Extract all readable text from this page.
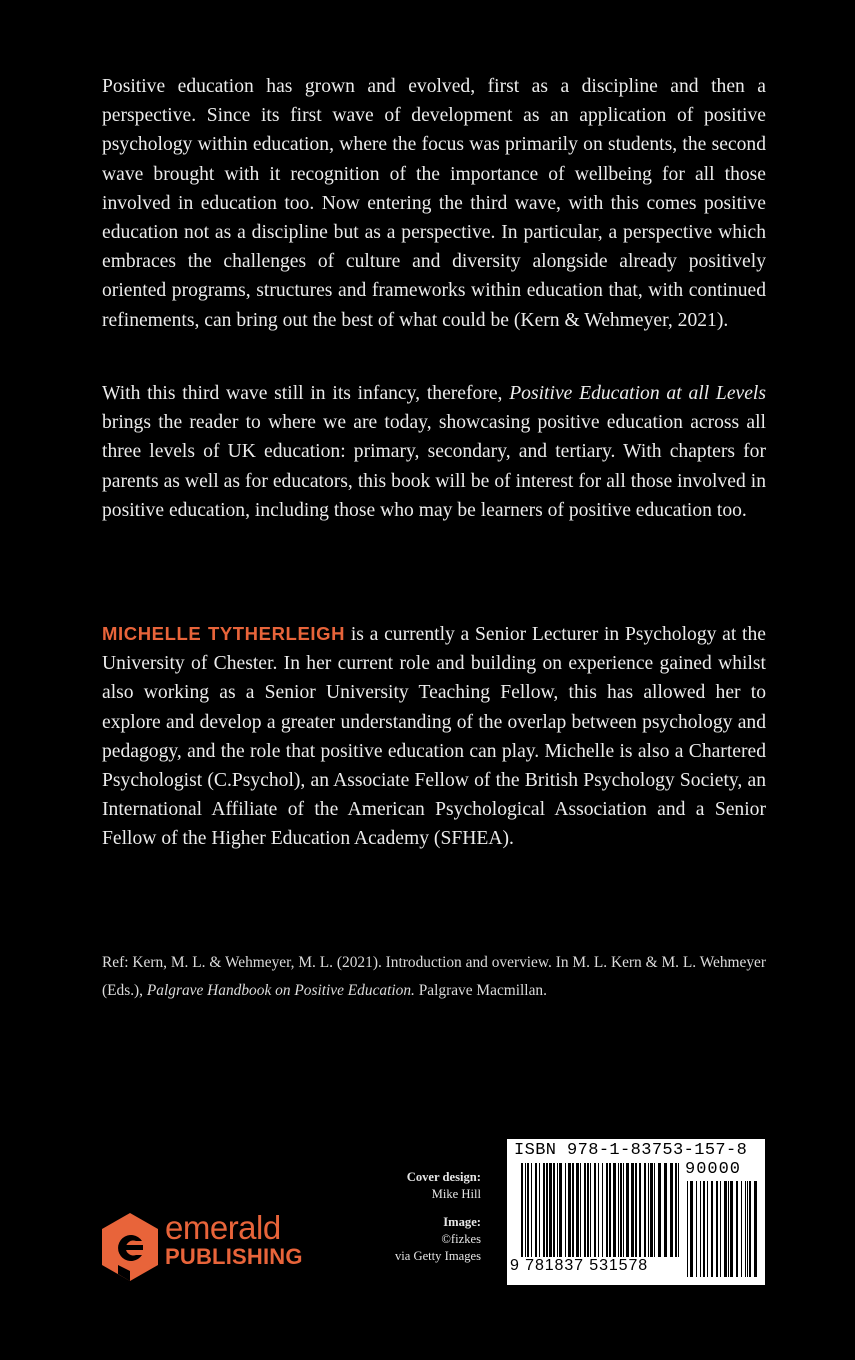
Positive education has grown and evolved, first as a discipline and then a perspective. Since its first wave of development as an application of positive psychology within education, where the focus was primarily on students, the second wave brought with it recognition of the importance of wellbeing for all those involved in education too. Now entering the third wave, with this comes positive education not as a discipline but as a perspective. In particular, a perspective which embraces the challenges of culture and diversity alongside already positively oriented programs, structures and frameworks within education that, with continued refinements, can bring out the best of what could be (Kern & Wehmeyer, 2021).

With this third wave still in its infancy, therefore, Positive Education at all Levels brings the reader to where we are today, showcasing positive education across all three levels of UK education: primary, secondary, and tertiary. With chapters for parents as well as for educators, this book will be of interest for all those involved in positive education, including those who may be learners of positive education too.

MICHELLE TYTHERLEIGH is a currently a Senior Lecturer in Psychology at the University of Chester. In her current role and building on experience gained whilst also working as a Senior University Teaching Fellow, this has allowed her to explore and develop a greater understanding of the overlap between psychology and pedagogy, and the role that positive education can play. Michelle is also a Chartered Psychologist (C.Psychol), an Associate Fellow of the British Psychology Society, an International Affiliate of the American Psychological Association and a Senior Fellow of the Higher Education Academy (SFHEA).

Ref: Kern, M. L. & Wehmeyer, M. L. (2021). Introduction and overview. In M. L. Kern & M. L. Wehmeyer (Eds.), Palgrave Handbook on Positive Education. Palgrave Macmillan.

emerald
PUBLISHING
Cover design:
Mike Hill
Image:
©fizkes
via Getty Images
ISBN 978-1-83753-157-8
90000
9 781837 531578
